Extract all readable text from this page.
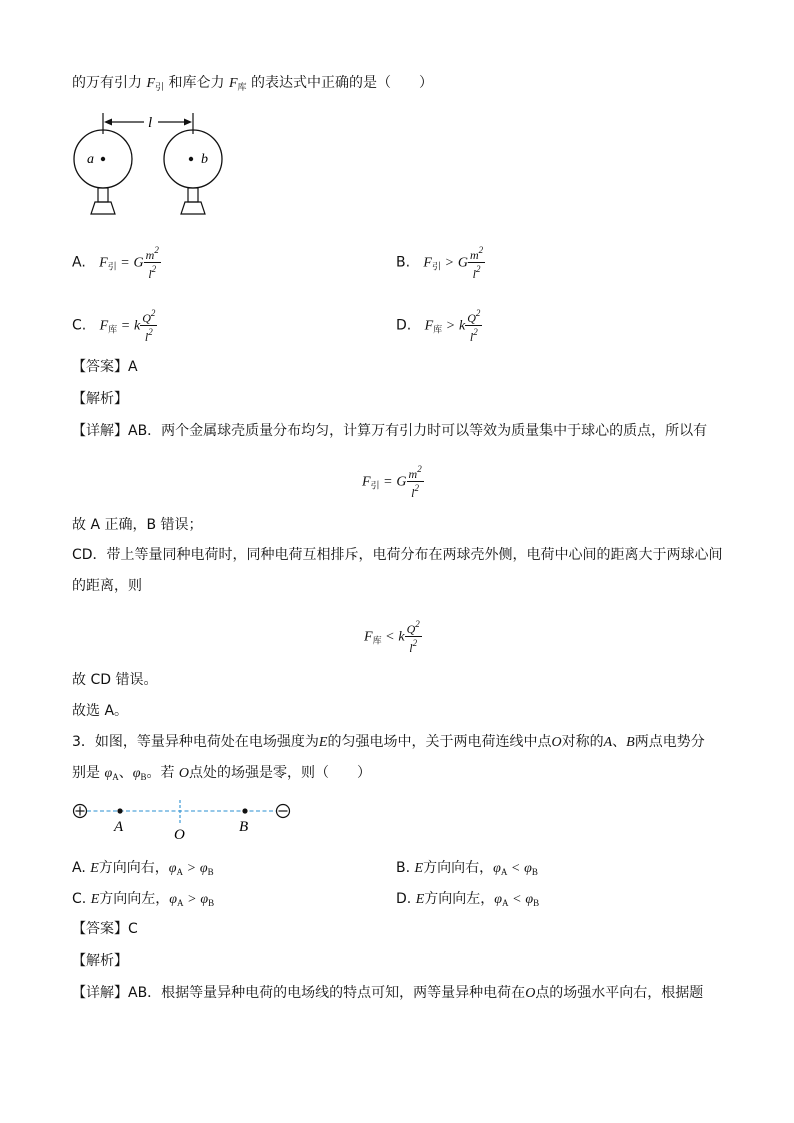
的万有引力 $F_引$ 和库仑力 $F_库$ 的表达式中正确的是（　　）
l
a	b
A. $F_引 = G \frac{m^2}{l^2}$	B. $F_引 > G \frac{m^2}{l^2}$
C. $F_库 = k \frac{Q^2}{l^2}$	D. $F_库 > k \frac{Q^2}{l^2}$
【答案】A
【解析】
【详解】AB．两个金属球壳质量分布均匀，计算万有引力时可以等效为质量集中于球心的质点，所以有
$F_引 = G \frac{m^2}{l^2}$
故 A 正确，B 错误；
CD．带上等量同种电荷时，同种电荷互相排斥，电荷分布在两球壳外侧，电荷中心间的距离大于两球心间
的距离，则
$F_库 < k \frac{Q^2}{l^2}$
故 CD 错误。
故选 A。
3．如图，等量异种电荷处在电场强度为E的匀强电场中，关于两电荷连线中点O对称的A、B两点电势分
别是 $\varphi_A$、$\varphi_B$。若 O点处的场强是零，则（　　）
A	O	B
A. E方向向右，$\varphi_A > \varphi_B$	B. E方向向右，$\varphi_A < \varphi_B$
C. E方向向左，$\varphi_A > \varphi_B$	D. E方向向左，$\varphi_A < \varphi_B$
【答案】C
【解析】
【详解】AB．根据等量异种电荷的电场线的特点可知，两等量异种电荷在O点的场强水平向右，根据题
